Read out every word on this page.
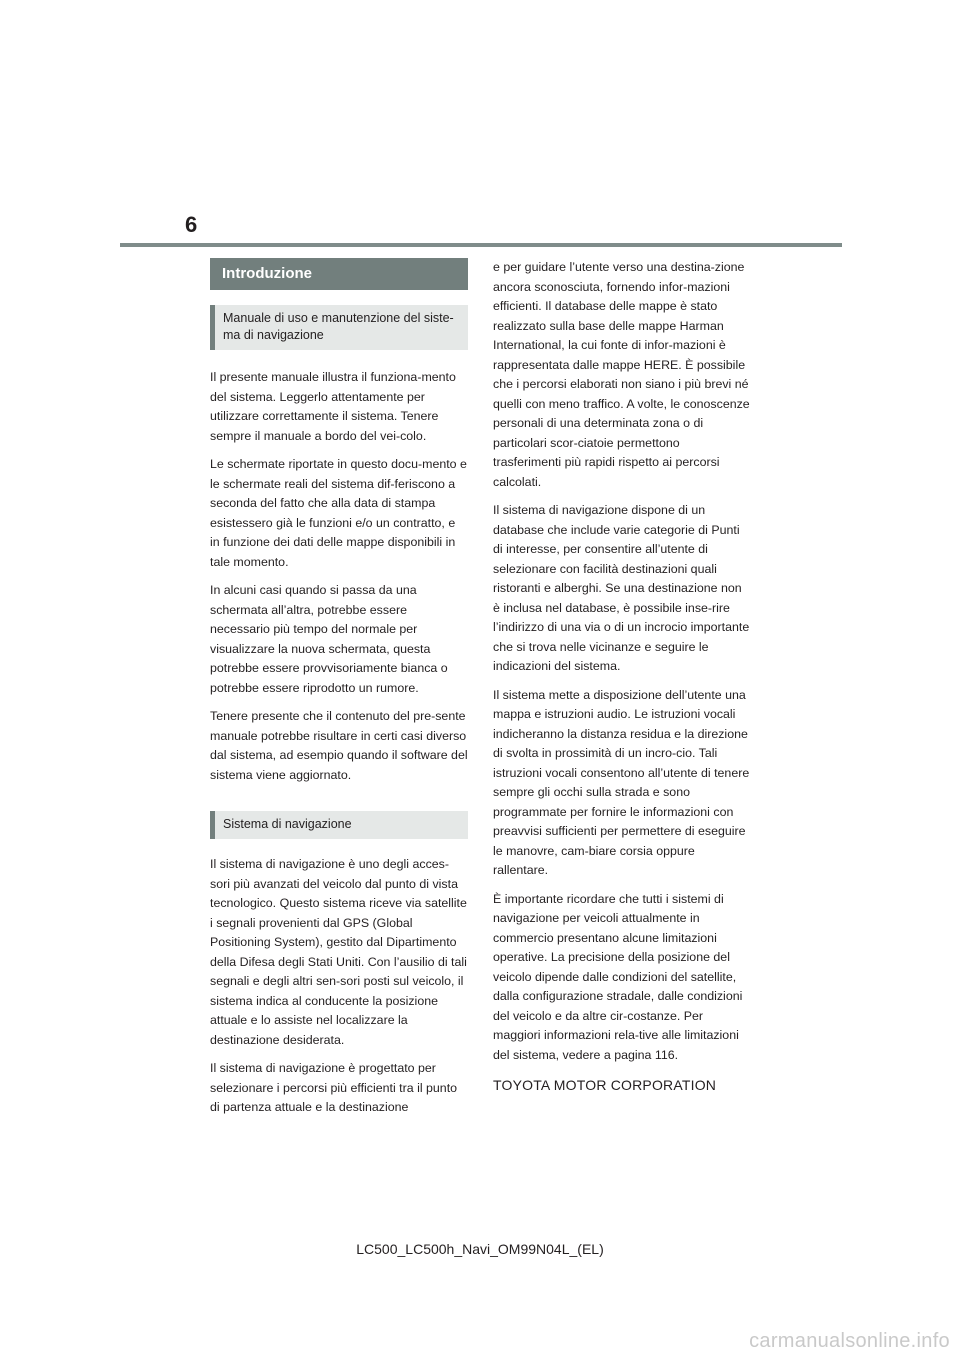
6
Introduzione
Manuale di uso e manutenzione del siste-
ma di navigazione

Il presente manuale illustra il funziona-mento del sistema. Leggerlo attentamente per utilizzare correttamente il sistema. Tenere sempre il manuale a bordo del vei-colo.

Le schermate riportate in questo docu-mento e le schermate reali del sistema dif-feriscono a seconda del fatto che alla data di stampa esistessero già le funzioni e/o un contratto, e in funzione dei dati delle mappe disponibili in tale momento.

In alcuni casi quando si passa da una schermata all’altra, potrebbe essere necessario più tempo del normale per visualizzare la nuova schermata, questa potrebbe essere provvisoriamente bianca o potrebbe essere riprodotto un rumore.

Tenere presente che il contenuto del pre-sente manuale potrebbe risultare in certi casi diverso dal sistema, ad esempio quando il software del sistema viene aggiornato.

Sistema di navigazione

Il sistema di navigazione è uno degli acces-sori più avanzati del veicolo dal punto di vista tecnologico. Questo sistema riceve via satellite i segnali provenienti dal GPS (Global Positioning System), gestito dal Dipartimento della Difesa degli Stati Uniti. Con l’ausilio di tali segnali e degli altri sen-sori posti sul veicolo, il sistema indica al conducente la posizione attuale e lo assiste nel localizzare la destinazione desiderata.

Il sistema di navigazione è progettato per selezionare i percorsi più efficienti tra il punto di partenza attuale e la destinazione

e per guidare l’utente verso una destina-zione ancora sconosciuta, fornendo infor-mazioni efficienti. Il database delle mappe è stato realizzato sulla base delle mappe Harman International, la cui fonte di infor-mazioni è rappresentata dalle mappe HERE. È possibile che i percorsi elaborati non siano i più brevi né quelli con meno traffico. A volte, le conoscenze personali di una determinata zona o di particolari scor-ciatoie permettono trasferimenti più rapidi rispetto ai percorsi calcolati.

Il sistema di navigazione dispone di un database che include varie categorie di Punti di interesse, per consentire all’utente di selezionare con facilità destinazioni quali ristoranti e alberghi. Se una destinazione non è inclusa nel database, è possibile inse-rire l’indirizzo di una via o di un incrocio importante che si trova nelle vicinanze e seguire le indicazioni del sistema.

Il sistema mette a disposizione dell’utente una mappa e istruzioni audio. Le istruzioni vocali indicheranno la distanza residua e la direzione di svolta in prossimità di un incro-cio. Tali istruzioni vocali consentono all’utente di tenere sempre gli occhi sulla strada e sono programmate per fornire le informazioni con preavvisi sufficienti per permettere di eseguire le manovre, cam-biare corsia oppure rallentare.

È importante ricordare che tutti i sistemi di navigazione per veicoli attualmente in commercio presentano alcune limitazioni operative. La precisione della posizione del veicolo dipende dalle condizioni del satellite, dalla configurazione stradale, dalle condizioni del veicolo e da altre cir-costanze. Per maggiori informazioni rela-tive alle limitazioni del sistema, vedere a pagina 116.

TOYOTA MOTOR CORPORATION
LC500_LC500h_Navi_OM99N04L_(EL)
carmanualsonline.info
